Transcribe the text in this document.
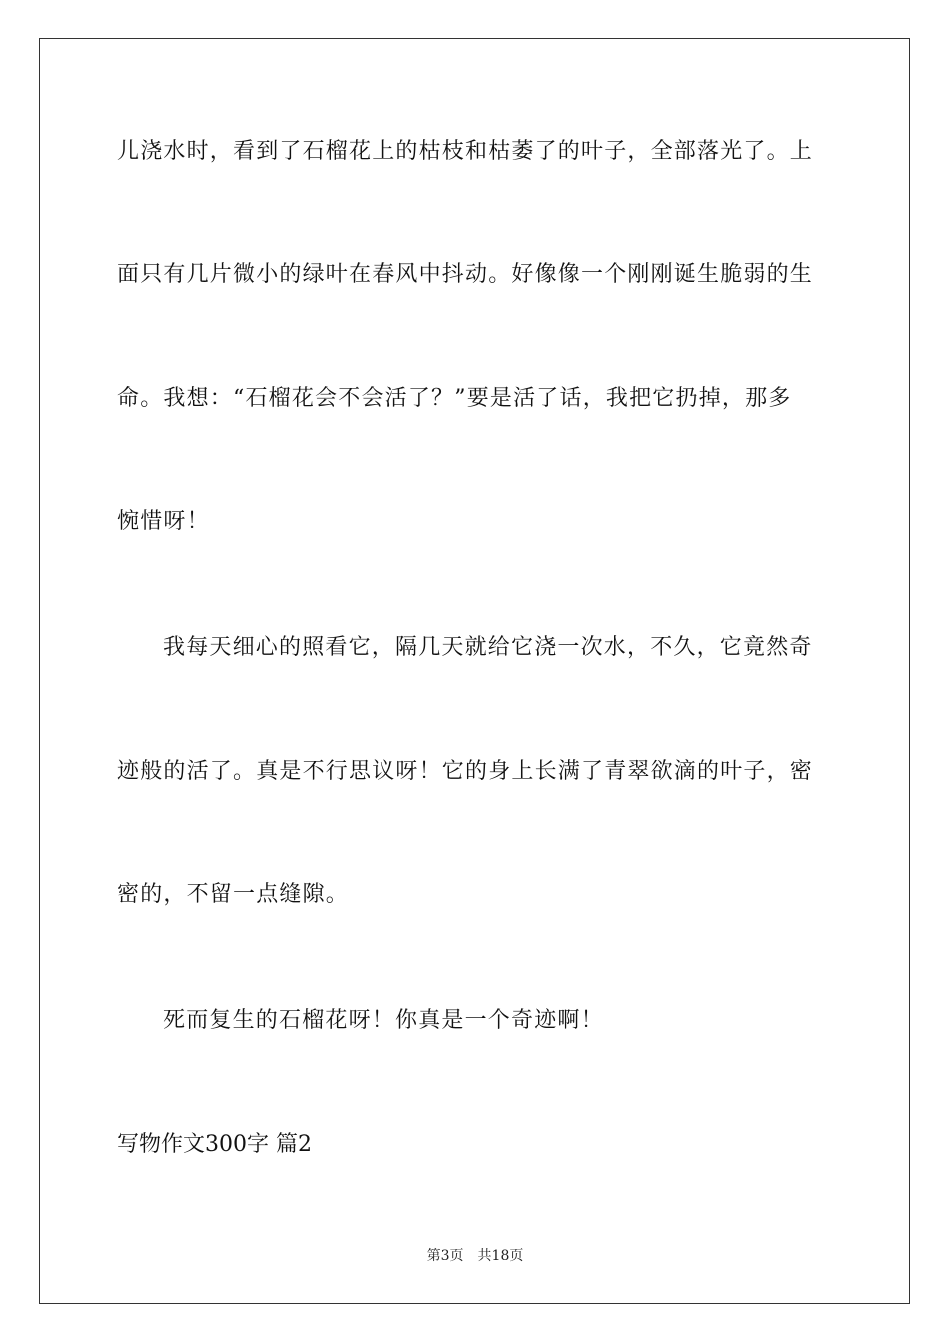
儿浇水时，看到了石榴花上的枯枝和枯萎了的叶子，全部落光了。上
面只有几片微小的绿叶在春风中抖动。好像像一个刚刚诞生脆弱的生
命。我想：“石榴花会不会活了？”要是活了话，我把它扔掉，那多
惋惜呀！
我每天细心的照看它，隔几天就给它浇一次水，不久，它竟然奇
迹般的活了。真是不行思议呀！它的身上长满了青翠欲滴的叶子，密
密的，不留一点缝隙。
死而复生的石榴花呀！你真是一个奇迹啊！
写物作文300字 篇2
第3页 共18页
